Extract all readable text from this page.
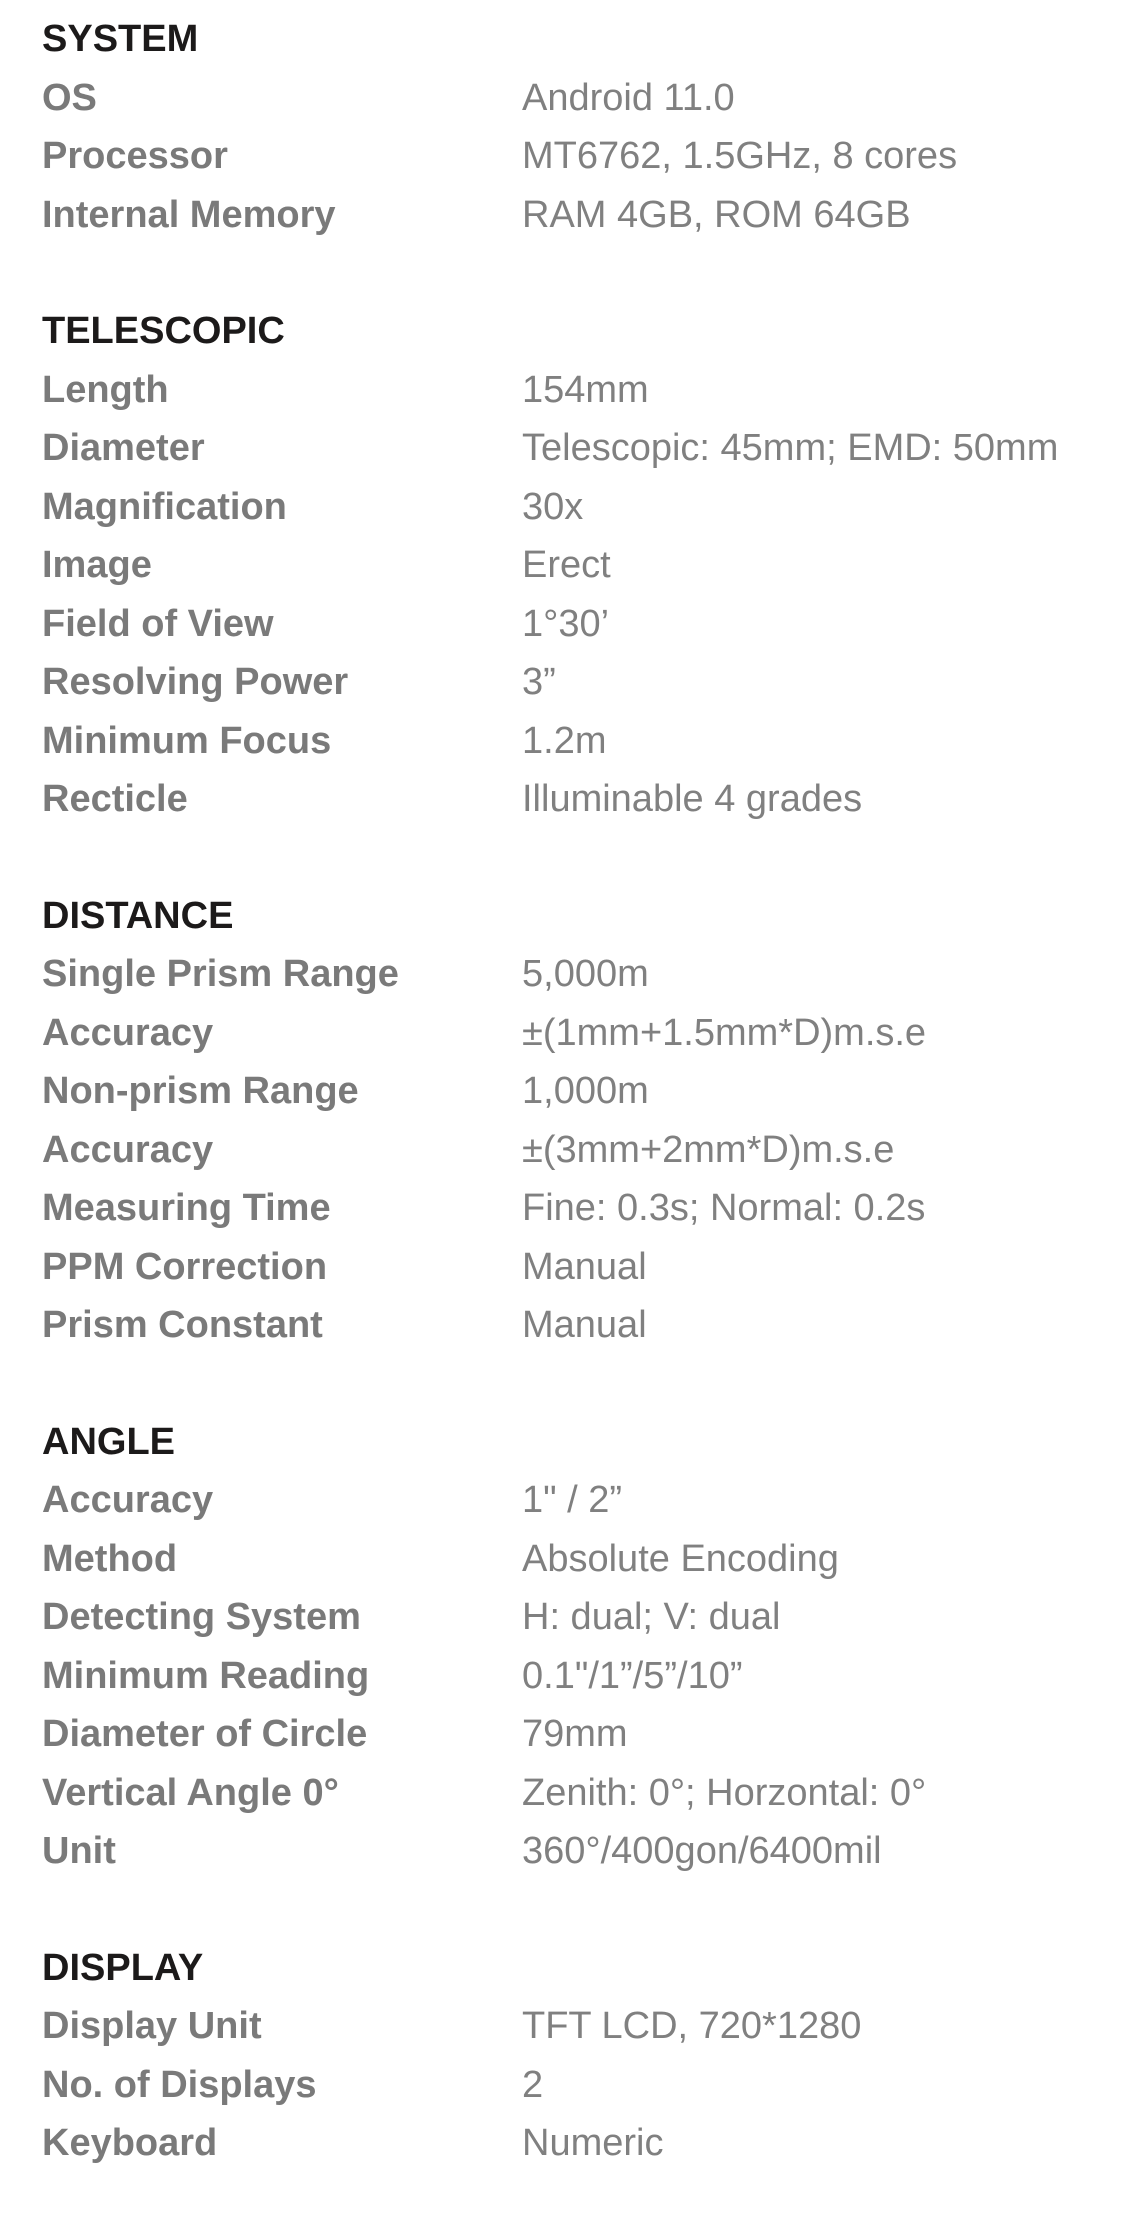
SYSTEM
OS	Android 11.0
Processor	MT6762, 1.5GHz, 8 cores
Internal Memory	RAM 4GB, ROM 64GB
TELESCOPIC
Length	154mm
Diameter	Telescopic: 45mm; EMD: 50mm
Magnification	30x
Image	Erect
Field of View	1°30’
Resolving Power	3”
Minimum Focus	1.2m
Recticle	Illuminable 4 grades
DISTANCE
Single Prism Range	5,000m
Accuracy	±(1mm+1.5mm*D)m.s.e
Non-prism Range	1,000m
Accuracy	±(3mm+2mm*D)m.s.e
Measuring Time	Fine: 0.3s; Normal: 0.2s
PPM Correction	Manual
Prism Constant	Manual
ANGLE
Accuracy	1" / 2”
Method	Absolute Encoding
Detecting System	H: dual; V: dual
Minimum Reading	0.1"/1”/5”/10”
Diameter of Circle	79mm
Vertical Angle 0°	Zenith: 0°; Horzontal: 0°
Unit	360°/400gon/6400mil
DISPLAY
Display Unit	TFT LCD, 720*1280
No. of Displays	2
Keyboard	Numeric
